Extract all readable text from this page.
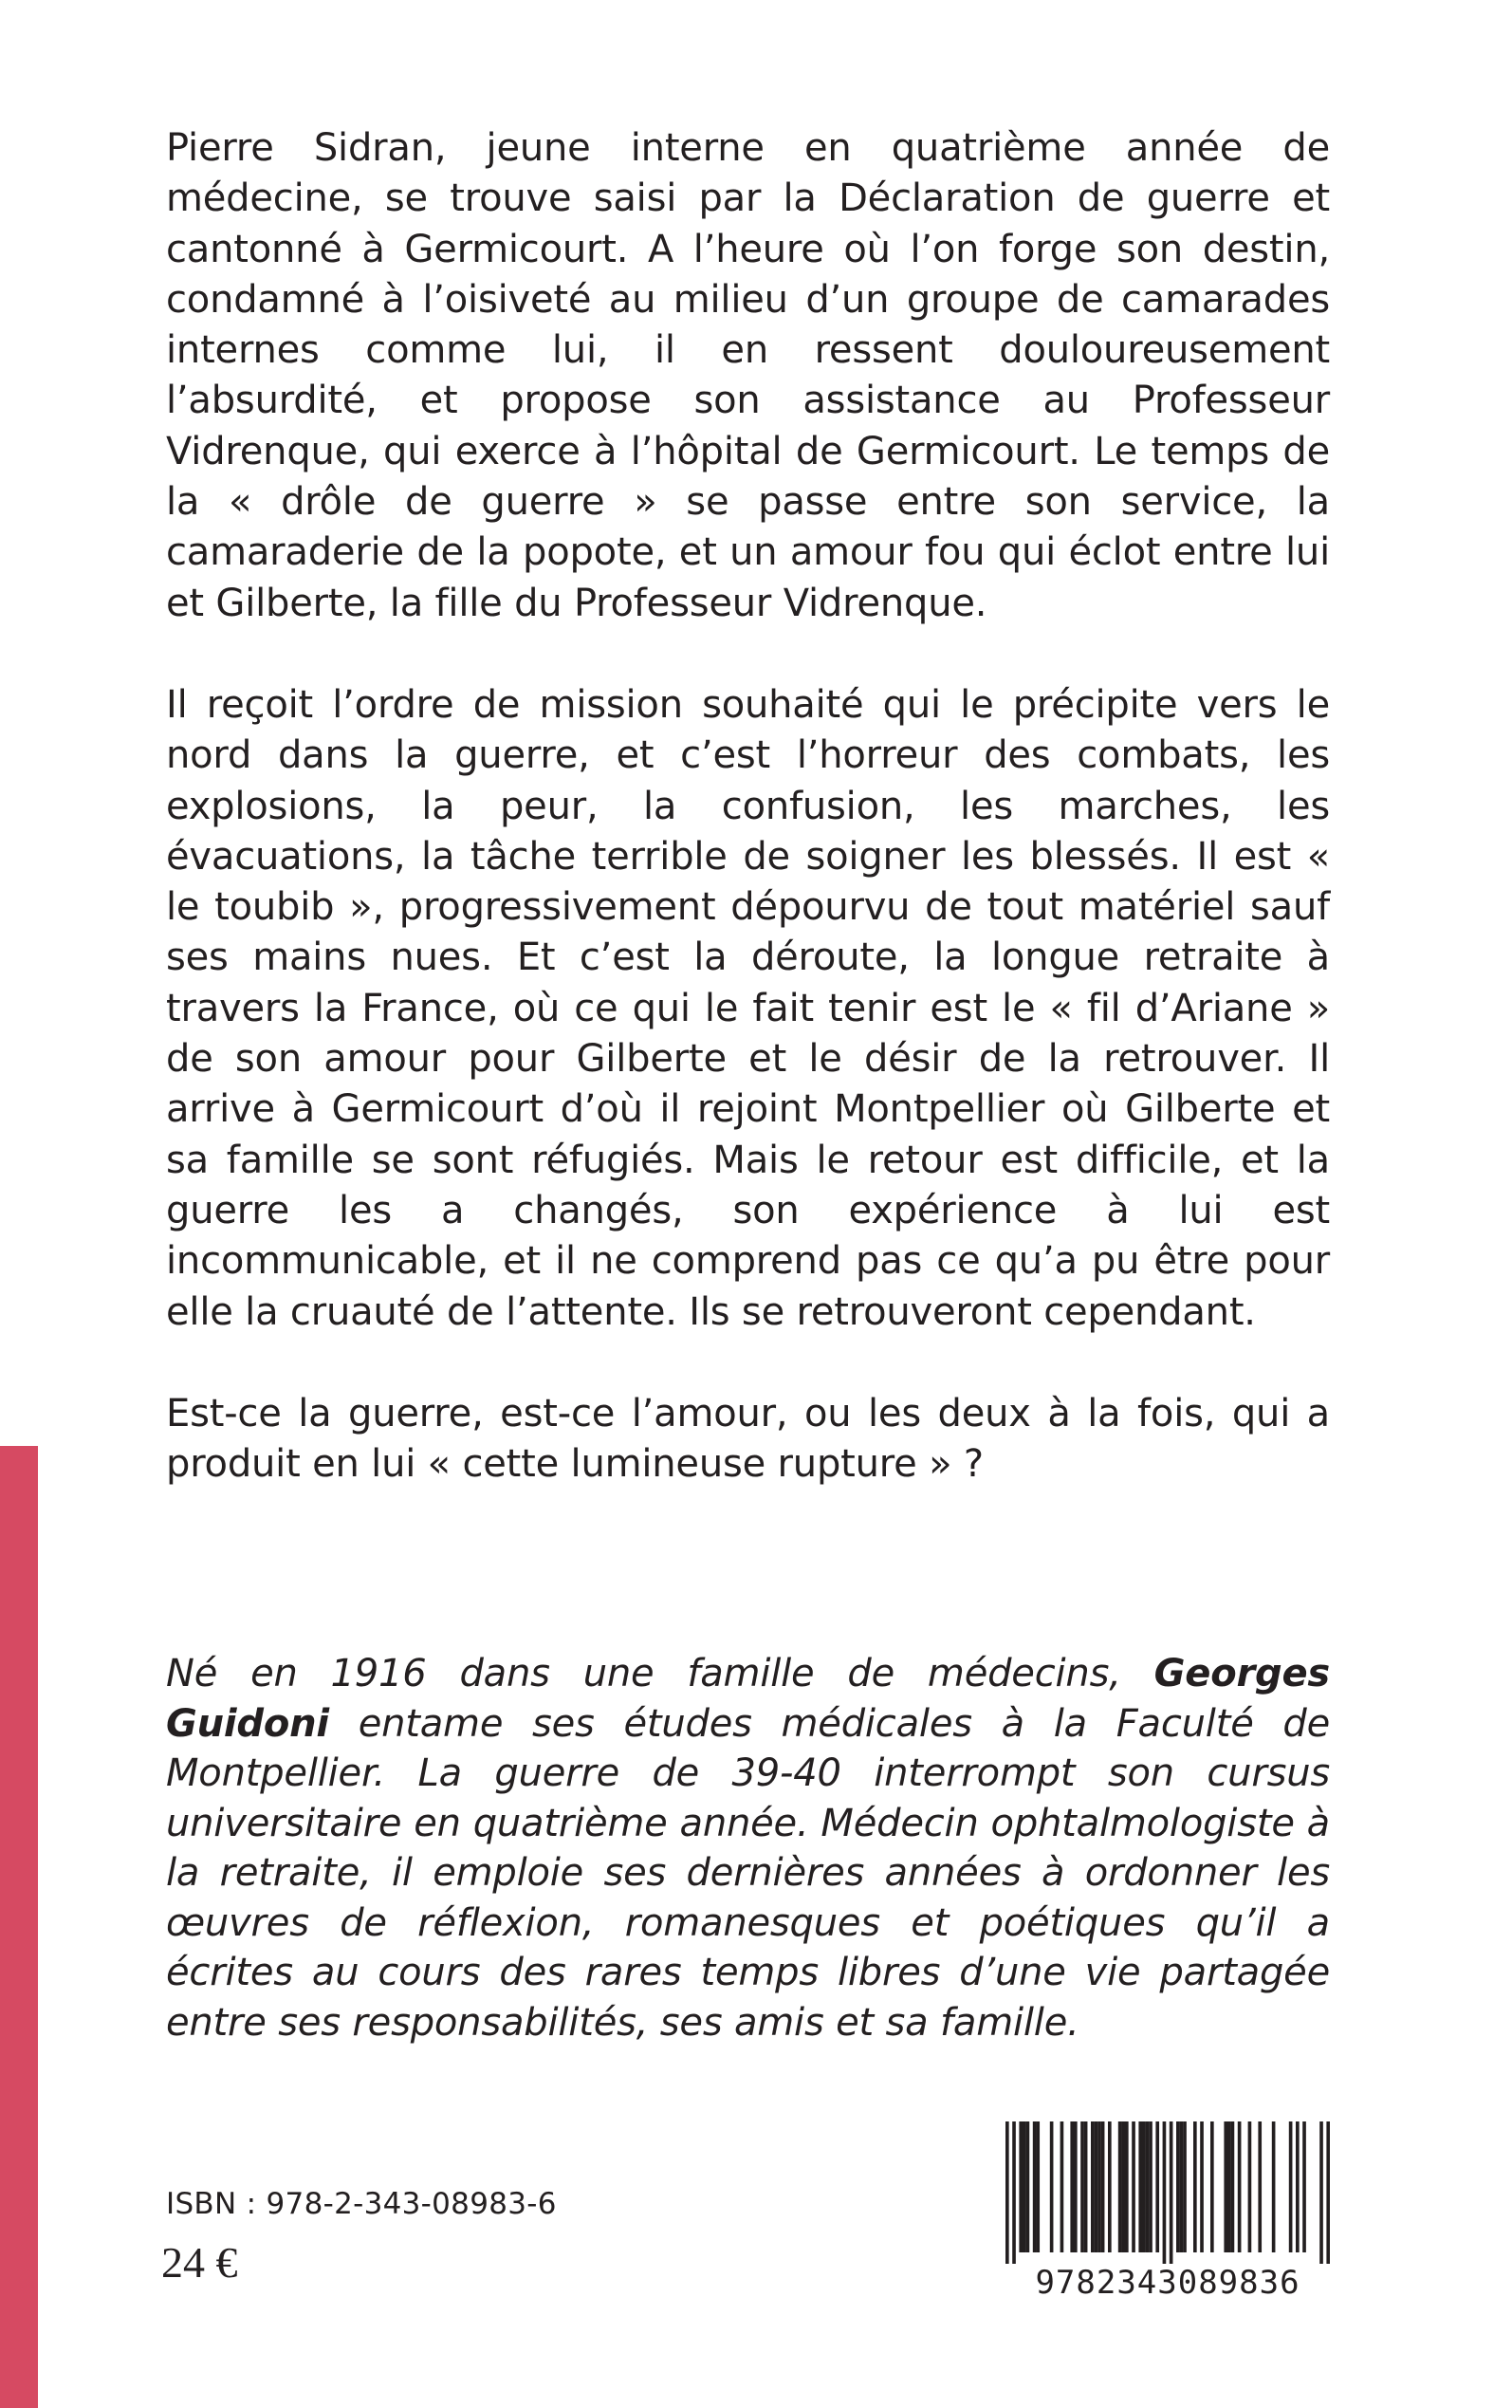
Pierre Sidran, jeune interne en quatrième année de médecine, se trouve saisi par la Déclaration de guerre et cantonné à Germicourt. A l’heure où l’on forge son destin, condamné à l’oisiveté au milieu d’un groupe de camarades internes comme lui, il en ressent douloureusement l’absurdité, et propose son assistance au Professeur Vidrenque, qui exerce à l’hôpital de Germicourt. Le temps de la « drôle de guerre » se passe entre son service, la camaraderie de la popote, et un amour fou qui éclot entre lui et Gilberte, la fille du Professeur Vidrenque.

Il reçoit l’ordre de mission souhaité qui le précipite vers le nord dans la guerre, et c’est l’horreur des combats, les explosions, la peur, la confusion, les marches, les évacuations, la tâche terrible de soigner les blessés. Il est « le toubib », progressivement dépourvu de tout matériel sauf ses mains nues. Et c’est la déroute, la longue retraite à travers la France, où ce qui le fait tenir est le « fil d’Ariane » de son amour pour Gilberte et le désir de la retrouver. Il arrive à Germicourt d’où il rejoint Montpellier où Gilberte et sa famille se sont réfugiés. Mais le retour est difficile, et la guerre les a changés, son expérience à lui est incommunicable, et il ne comprend pas ce qu’a pu être pour elle la cruauté de l’attente. Ils se retrouveront cependant.

Est-ce la guerre, est-ce l’amour, ou les deux à la fois, qui a produit en lui « cette lumineuse rupture » ?

Né en 1916 dans une famille de médecins, Georges Guidoni entame ses études médicales à la Faculté de Montpellier. La guerre de 39-40 interrompt son cursus universitaire en quatrième année. Médecin ophtalmologiste à la retraite, il emploie ses dernières années à ordonner les œuvres de réflexion, romanesques et poétiques qu’il a écrites au cours des rares temps libres d’une vie partagée entre ses responsabilités, ses amis et sa famille.

ISBN : 978-2-343-08983-6
24 €	9782343089836
